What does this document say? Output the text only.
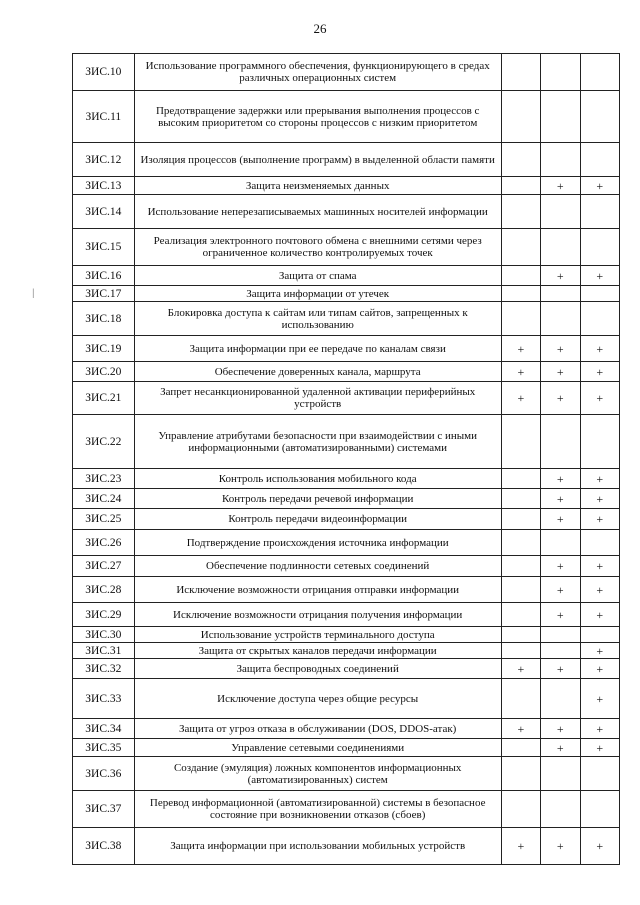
26
|
ЗИС.10	Использование программного обеспечения, функционирующего в средах различных операционных систем			
ЗИС.11	Предотвращение задержки или прерывания выполнения процессов с высоким приоритетом со стороны процессов с низким приоритетом			
ЗИС.12	Изоляция процессов (выполнение программ) в выделенной области памяти			
ЗИС.13	Защита неизменяемых данных		+	+
ЗИС.14	Использование неперезаписываемых машинных носителей информации			
ЗИС.15	Реализация электронного почтового обмена с внешними сетями через ограниченное количество контролируемых точек			
ЗИС.16	Защита от спама		+	+
ЗИС.17	Защита информации от утечек			
ЗИС.18	Блокировка доступа к сайтам или типам сайтов, запрещенных к использованию			
ЗИС.19	Защита информации при ее передаче по каналам связи	+	+	+
ЗИС.20	Обеспечение доверенных канала, маршрута	+	+	+
ЗИС.21	Запрет несанкционированной удаленной активации периферийных устройств	+	+	+
ЗИС.22	Управление атрибутами безопасности при взаимодействии с иными информационными (автоматизированными) системами			
ЗИС.23	Контроль использования мобильного кода		+	+
ЗИС.24	Контроль передачи речевой информации		+	+
ЗИС.25	Контроль передачи видеоинформации		+	+
ЗИС.26	Подтверждение происхождения источника информации			
ЗИС.27	Обеспечение подлинности сетевых соединений		+	+
ЗИС.28	Исключение возможности отрицания отправки информации		+	+
ЗИС.29	Исключение возможности отрицания получения информации		+	+
ЗИС.30	Использование устройств терминального доступа			
ЗИС.31	Защита от скрытых каналов передачи информации			+
ЗИС.32	Защита беспроводных соединений	+	+	+
ЗИС.33	Исключение доступа через общие ресурсы			+
ЗИС.34	Защита от угроз отказа в обслуживании (DOS, DDOS-атак)	+	+	+
ЗИС.35	Управление сетевыми соединениями		+	+
ЗИС.36	Создание (эмуляция) ложных компонентов информационных (автоматизированных) систем			
ЗИС.37	Перевод информационной (автоматизированной) системы в безопасное состояние при возникновении отказов (сбоев)			
ЗИС.38	Защита информации при использовании мобильных устройств	+	+	+
